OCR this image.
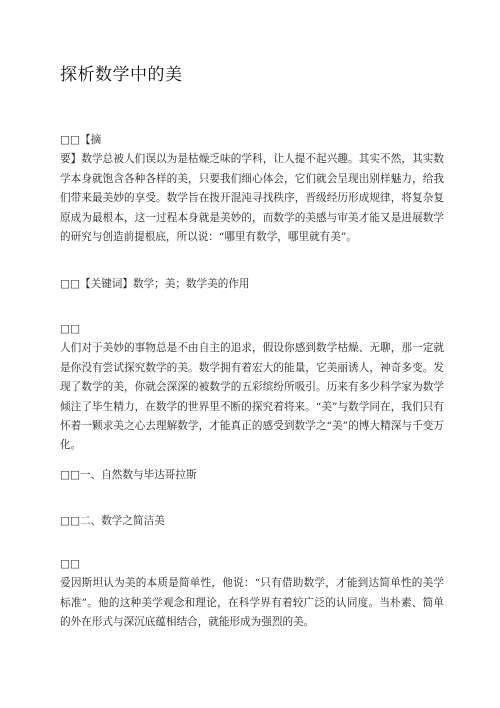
探析数学中的美

□□【摘
要】数学总被人们误以为是枯燥乏味的学科，让人提不起兴趣。其实不然，其实数学本身就饱含各种各样的美，只要我们细心体会，它们就会呈现出别样魅力，给我们带来最美妙的享受。数学旨在拨开混沌寻找秩序，晋级经历形成规律，将复杂复原成为最根本，这一过程本身就是美妙的，而数学的美感与审美才能又是进展数学的研究与创造前提根底，所以说：“哪里有数学，哪里就有美”。

□□【关键词】数学；美；数学美的作用

□□
人们对于美妙的事物总是不由自主的追求，假设你感到数学枯燥、无聊，那一定就是你没有尝试探究数学的美。数学拥有着宏大的能量，它美丽诱人，神奇多变。发现了数学的美，你就会深深的被数学的五彩缤纷所吸引。历来有多少科学家为数学倾注了毕生精力，在数学的世界里不断的探究着将来。“美”与数学同在，我们只有怀着一颗求美之心去理解数学，才能真正的感受到数学之“美”的博大精深与千变万化。

□□一、自然数与毕达哥拉斯

□□二、数学之简洁美

□□
爱因斯坦认为美的本质是简单性，他说：“只有借助数学，才能到达简单性的美学标准”。他的这种美学观念和理论，在科学界有着较广泛的认同度。当朴素、简单的外在形式与深沉底蕴相结合，就能形成为强烈的美。
